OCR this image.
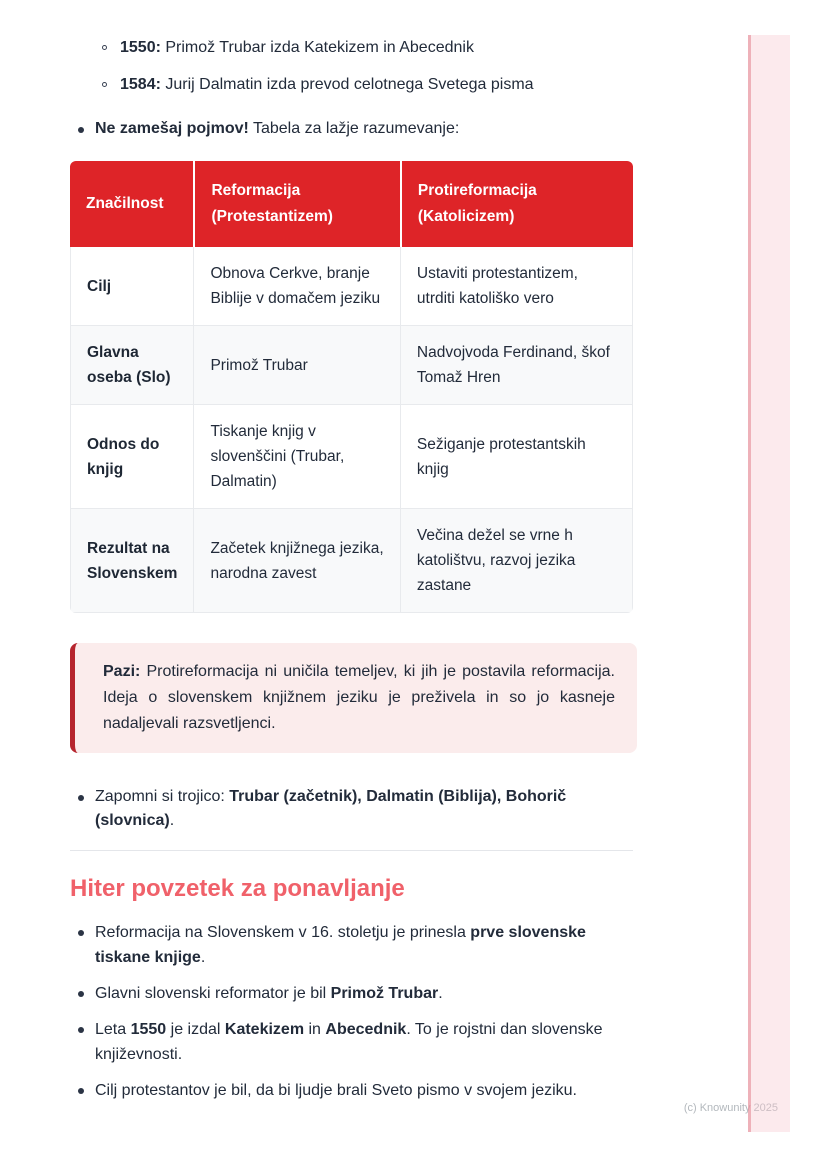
1550: Primož Trubar izda Katekizem in Abecednik
1584: Jurij Dalmatin izda prevod celotnega Svetega pisma
Ne zamešaj pojmov! Tabela za lažje razumevanje:
Značilnost	Reformacija (Protestantizem)	Protireformacija (Katolicizem)
Cilj	Obnova Cerkve, branje Biblije v domačem jeziku	Ustaviti protestantizem, utrditi katoliško vero
Glavna oseba (Slo)	Primož Trubar	Nadvojvoda Ferdinand, škof Tomaž Hren
Odnos do knjig	Tiskanje knjig v slovenščini (Trubar, Dalmatin)	Sežiganje protestantskih knjig
Rezultat na Slovenskem	Začetek knjižnega jezika, narodna zavest	Večina dežel se vrne h katolištvu, razvoj jezika zastane

Pazi: Protireformacija ni uničila temeljev, ki jih je postavila reformacija. Ideja o slovenskem knjižnem jeziku je preživela in so jo kasneje nadaljevali razsvetljenci.

Zapomni si trojico: Trubar (začetnik), Dalmatin (Biblija), Bohorič (slovnica).
Hiter povzetek za ponavljanje
Reformacija na Slovenskem v 16. stoletju je prinesla prve slovenske tiskane knjige.
Glavni slovenski reformator je bil Primož Trubar.
Leta 1550 je izdal Katekizem in Abecednik. To je rojstni dan slovenske književnosti.
Cilj protestantov je bil, da bi ljudje brali Sveto pismo v svojem jeziku.
(c) Knowunity 2025
